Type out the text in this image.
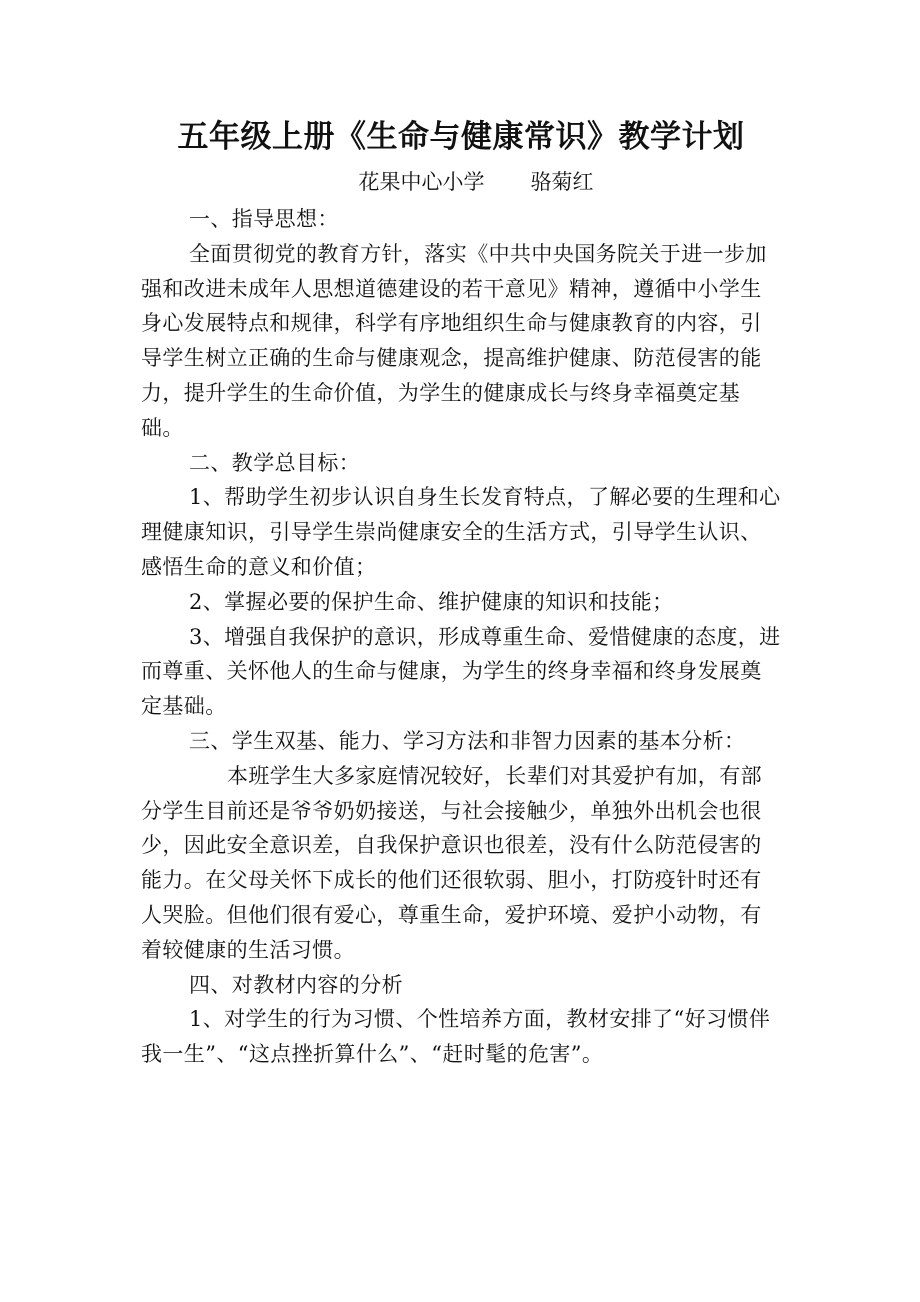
五年级上册《生命与健康常识》教学计划
花果中心小学 骆菊红
一、指导思想：

全面贯彻党的教育方针，落实《中共中央国务院关于进一步加强和改进未成年人思想道德建设的若干意见》精神，遵循中小学生身心发展特点和规律，科学有序地组织生命与健康教育的内容，引导学生树立正确的生命与健康观念，提高维护健康、防范侵害的能力，提升学生的生命价值，为学生的健康成长与终身幸福奠定基础。

二、教学总目标：

1、帮助学生初步认识自身生长发育特点，了解必要的生理和心理健康知识，引导学生崇尚健康安全的生活方式，引导学生认识、感悟生命的意义和价值；

2、掌握必要的保护生命、维护健康的知识和技能；

3、增强自我保护的意识，形成尊重生命、爱惜健康的态度，进而尊重、关怀他人的生命与健康，为学生的终身幸福和终身发展奠定基础。

三、学生双基、能力、学习方法和非智力因素的基本分析：

本班学生大多家庭情况较好，长辈们对其爱护有加，有部分学生目前还是爷爷奶奶接送，与社会接触少，单独外出机会也很少，因此安全意识差，自我保护意识也很差，没有什么防范侵害的能力。在父母关怀下成长的他们还很软弱、胆小，打防疫针时还有人哭脸。但他们很有爱心，尊重生命，爱护环境、爱护小动物，有着较健康的生活习惯。

四、对教材内容的分析

1、对学生的行为习惯、个性培养方面，教材安排了“好习惯伴我一生”、“这点挫折算什么”、“赶时髦的危害”。
